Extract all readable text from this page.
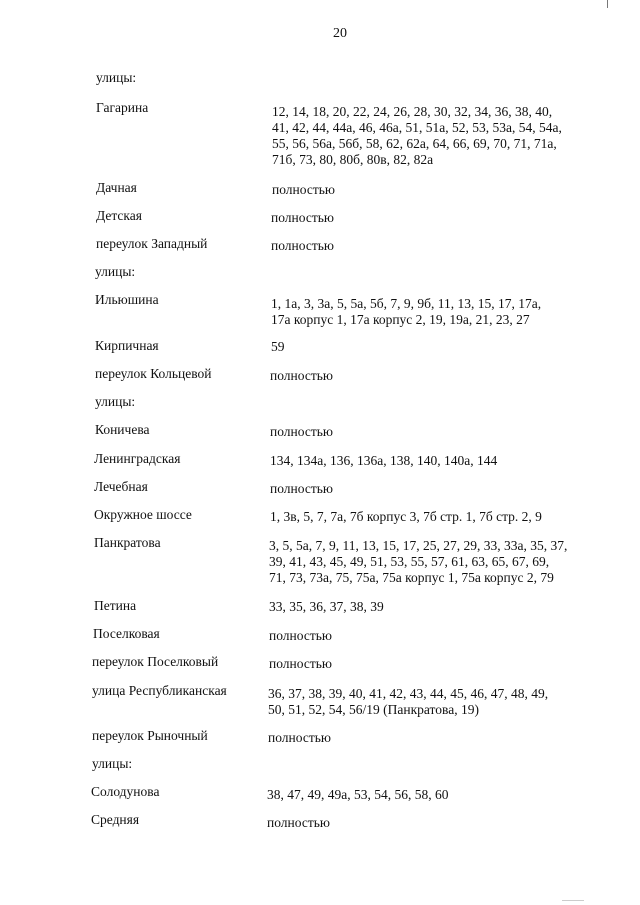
20
улицы:
Гагарина	12, 14, 18, 20, 22, 24, 26, 28, 30, 32, 34, 36, 38, 40,
41, 42, 44, 44а, 46, 46а, 51, 51а, 52, 53, 53а, 54, 54а,
55, 56, 56а, 56б, 58, 62, 62а, 64, 66, 69, 70, 71, 71а,
71б, 73, 80, 80б, 80в, 82, 82а
Дачная	полностью
Детская	полностью
переулок Западный	полностью
улицы:
Ильюшина	1, 1а, 3, 3а, 5, 5а, 5б, 7, 9, 9б, 11, 13, 15, 17, 17а,
17а корпус 1, 17а корпус 2, 19, 19а, 21, 23, 27
Кирпичная	59
переулок Кольцевой	полностью
улицы:
Коничева	полностью
Ленинградская	134, 134а, 136, 136а, 138, 140, 140а, 144
Лечебная	полностью
Окружное шоссе	1, 3в, 5, 7, 7а, 7б корпус 3, 7б стр. 1, 7б стр. 2, 9
Панкратова	3, 5, 5а, 7, 9, 11, 13, 15, 17, 25, 27, 29, 33, 33а, 35, 37,
39, 41, 43, 45, 49, 51, 53, 55, 57, 61, 63, 65, 67, 69,
71, 73, 73а, 75, 75а, 75а корпус 1, 75а корпус 2, 79
Петина	33, 35, 36, 37, 38, 39
Поселковая	полностью
переулок Поселковый	полностью
улица Республиканская	36, 37, 38, 39, 40, 41, 42, 43, 44, 45, 46, 47, 48, 49,
50, 51, 52, 54, 56/19 (Панкратова, 19)
переулок Рыночный	полностью
улицы:
Солодунова	38, 47, 49, 49а, 53, 54, 56, 58, 60
Средняя	полностью
